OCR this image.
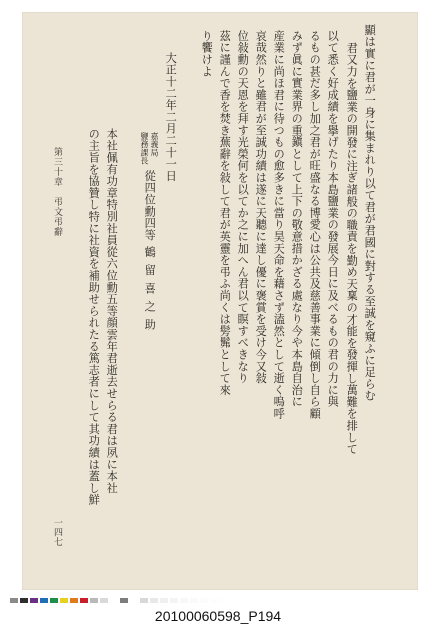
顯は實に君が一身に集まれり以て君が君國に對する至誠を窺ふに足らむ
君又力を鹽業の開發に注ぎ諸般の職責を勤め天稟の才能を發揮し萬難を排して
以て悉く好成績を擧げたり本島鹽業の發展今日に及べるもの君の力に與
るもの甚だ多し加之君が旺盛なる博愛心は公共及慈善事業に傾倒し自ら顧
みず眞に實業界の重鎭として上下の敬意措かざる處なり今や本島自治に
産業に尚ほ君に待つもの愈多きに當り昊天命を藉さず溘然として逝く嗚呼
哀哉然りと雖君が至誠功績は遂に天聽に達し優に褒賞を受け今又敍
位敍勳の天恩を拜す光榮何を以てか之に加へん君以て瞑すべきなり
茲に謹んで香を焚き蕪辭を敍して君が英靈を弔ふ尚くは髣髴として來
り饗けよ
大正十二年二月二十一日
嘉義局
鹽務課長
從四位勳四等
鶴留喜之助
本社佩有功章特別社員從六位勳五等顔雲年君逝去せらる君は夙に本社
の主旨を協贊し特に社資を補助せられたる篤志者にして其功績は蓋し鮮
第三十章　弔文弔辭
一四七
20100060598_P194
